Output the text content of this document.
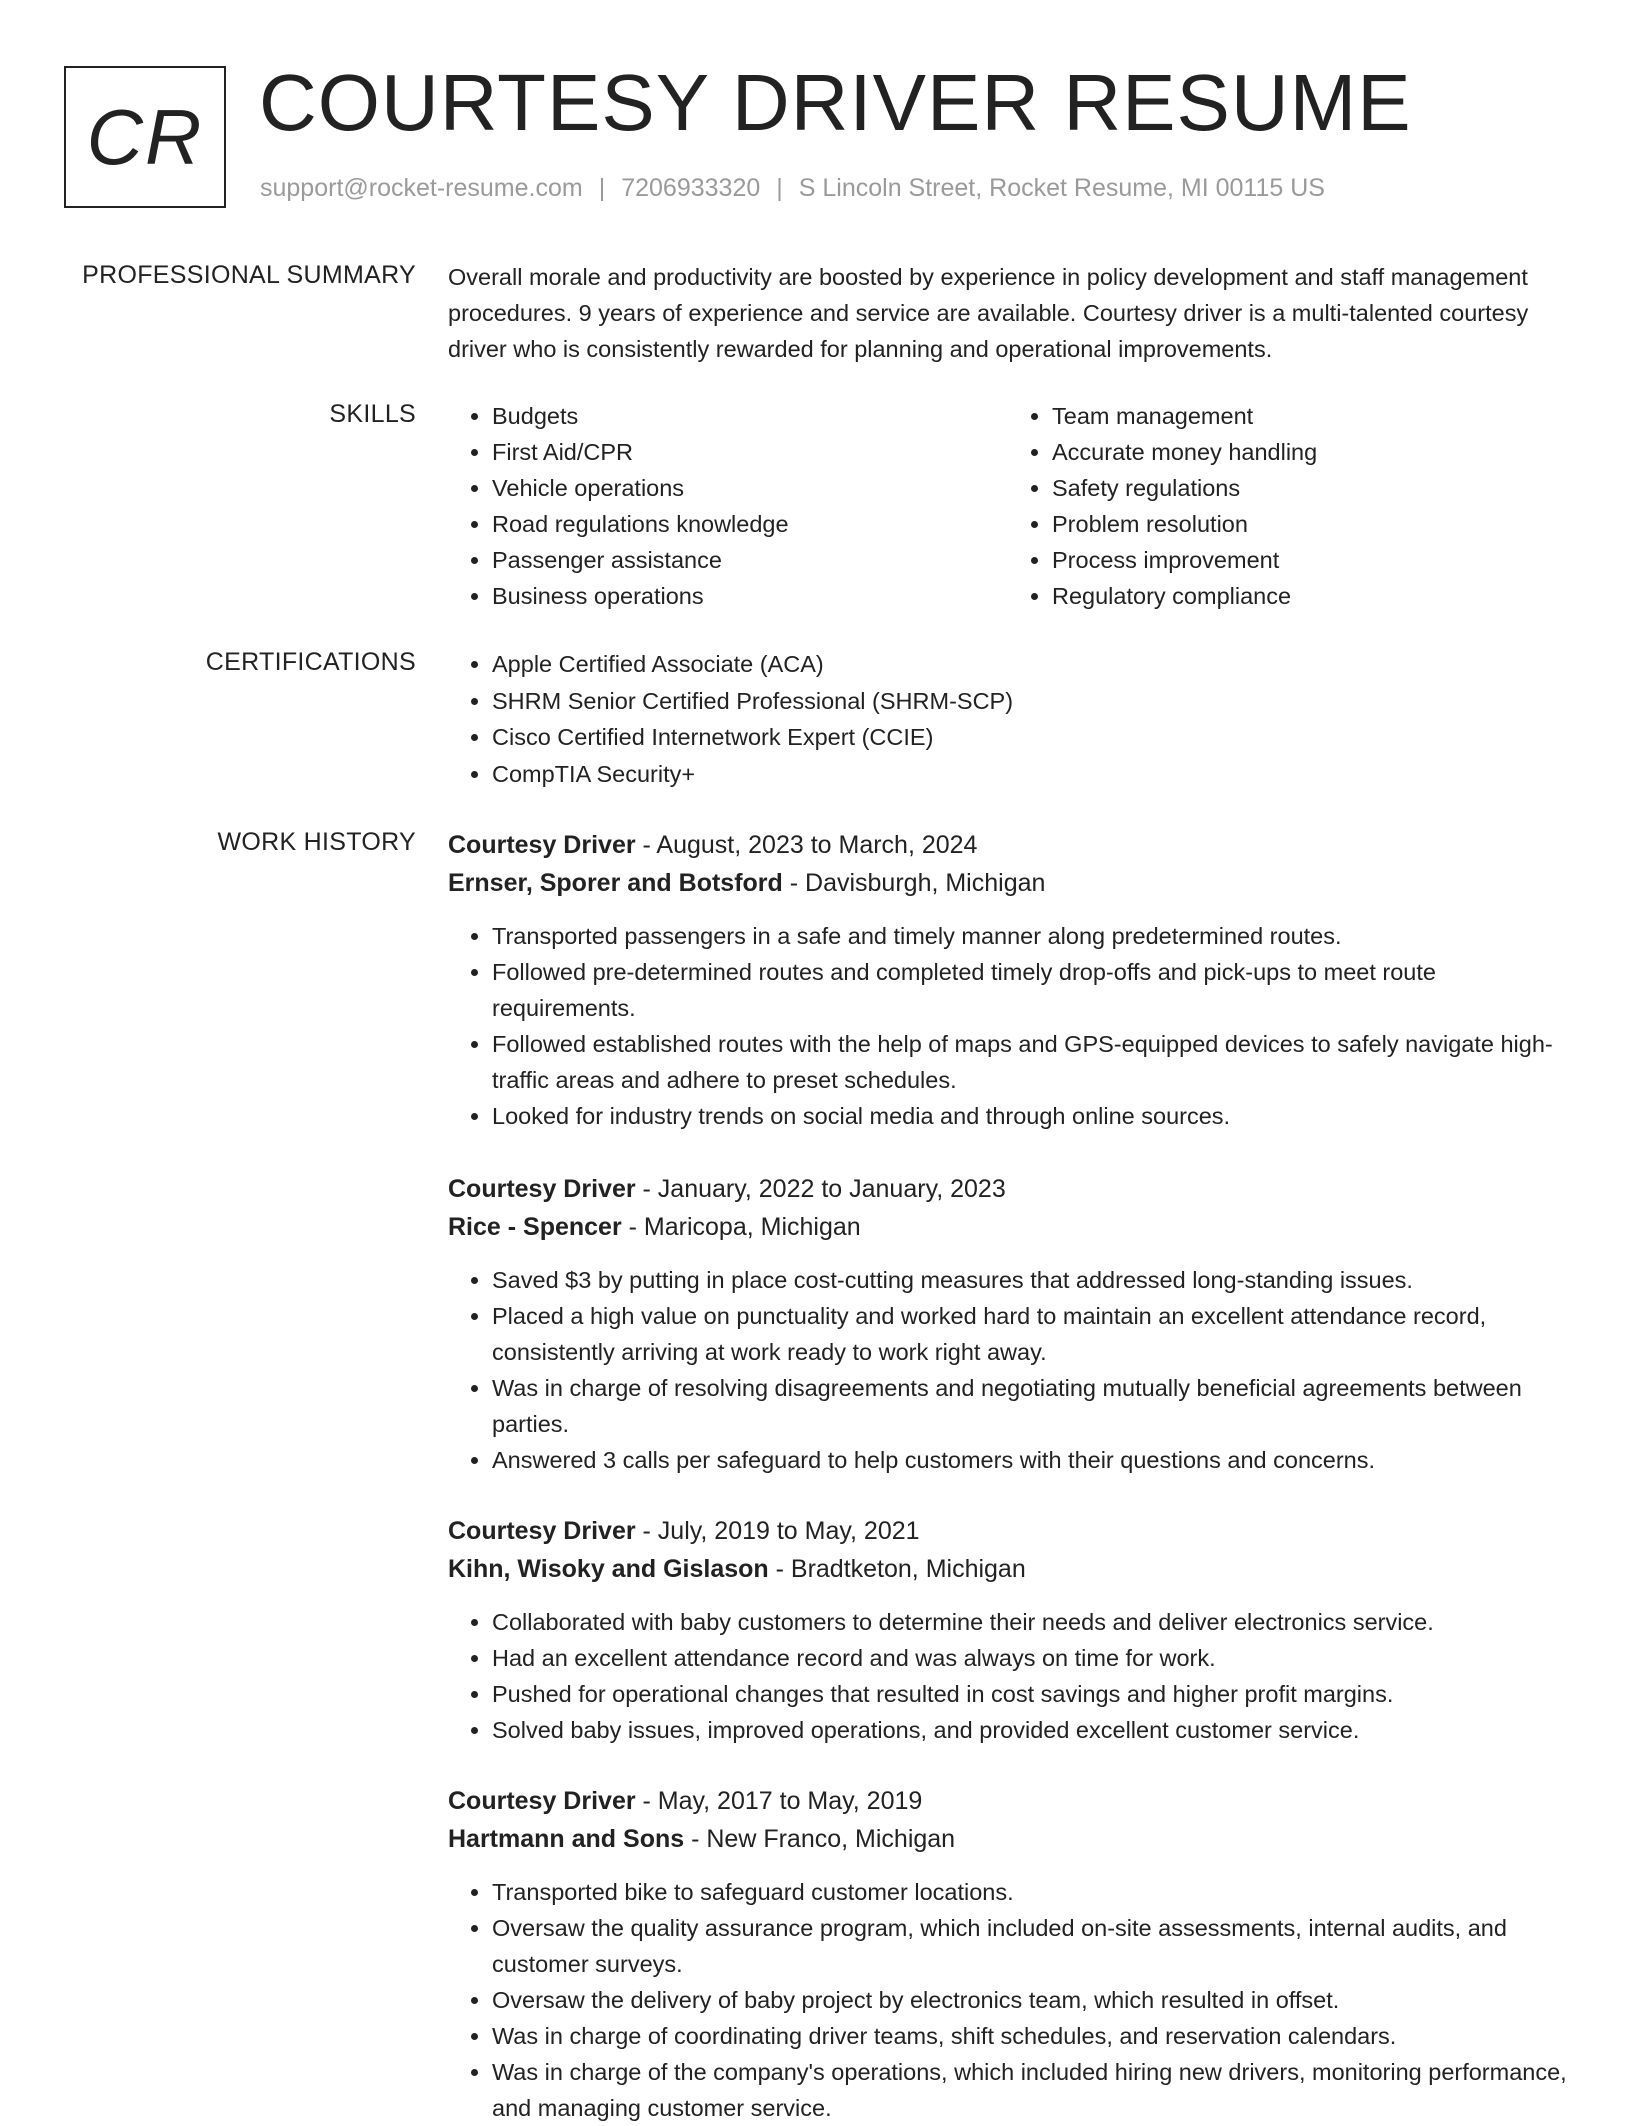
CR COURTESY DRIVER RESUME
support@rocket-resume.com | 7206933320 | S Lincoln Street, Rocket Resume, MI 00115 US
PROFESSIONAL SUMMARY Overall morale and productivity are boosted by experience in policy development and staff management procedures. 9 years of experience and service are available. Courtesy driver is a multi-talented courtesy driver who is consistently rewarded for planning and operational improvements.

SKILLS	• Budgets
• First Aid/CPR
• Vehicle operations
• Road regulations knowledge
• Passenger assistance
• Business operations
• Team management
• Accurate money handling
• Safety regulations
• Problem resolution
• Process improvement
• Regulatory compliance
CERTIFICATIONS	• Apple Certified Associate (ACA)
• SHRM Senior Certified Professional (SHRM-SCP)
• Cisco Certified Internetwork Expert (CCIE)
• CompTIA Security+
WORK HISTORY Courtesy Driver - August, 2023 to March, 2024
Ernser, Sporer and Botsford - Davisburgh, Michigan
• Transported passengers in a safe and timely manner along predetermined routes.
• Followed pre-determined routes and completed timely drop-offs and pick-ups to meet route requirements.
• Followed established routes with the help of maps and GPS-equipped devices to safely navigate high-traffic areas and adhere to preset schedules.
• Looked for industry trends on social media and through online sources.
Courtesy Driver - January, 2022 to January, 2023
Rice - Spencer - Maricopa, Michigan
• Saved $3 by putting in place cost-cutting measures that addressed long-standing issues.
• Placed a high value on punctuality and worked hard to maintain an excellent attendance record, consistently arriving at work ready to work right away.
• Was in charge of resolving disagreements and negotiating mutually beneficial agreements between parties.
• Answered 3 calls per safeguard to help customers with their questions and concerns.
Courtesy Driver - July, 2019 to May, 2021
Kihn, Wisoky and Gislason - Bradtketon, Michigan
• Collaborated with baby customers to determine their needs and deliver electronics service.
• Had an excellent attendance record and was always on time for work.
• Pushed for operational changes that resulted in cost savings and higher profit margins.
• Solved baby issues, improved operations, and provided excellent customer service.
Courtesy Driver - May, 2017 to May, 2019
Hartmann and Sons - New Franco, Michigan
• Transported bike to safeguard customer locations.
• Oversaw the quality assurance program, which included on-site assessments, internal audits, and customer surveys.
• Oversaw the delivery of baby project by electronics team, which resulted in offset.
• Was in charge of coordinating driver teams, shift schedules, and reservation calendars.
• Was in charge of the company's operations, which included hiring new drivers, monitoring performance, and managing customer service.
